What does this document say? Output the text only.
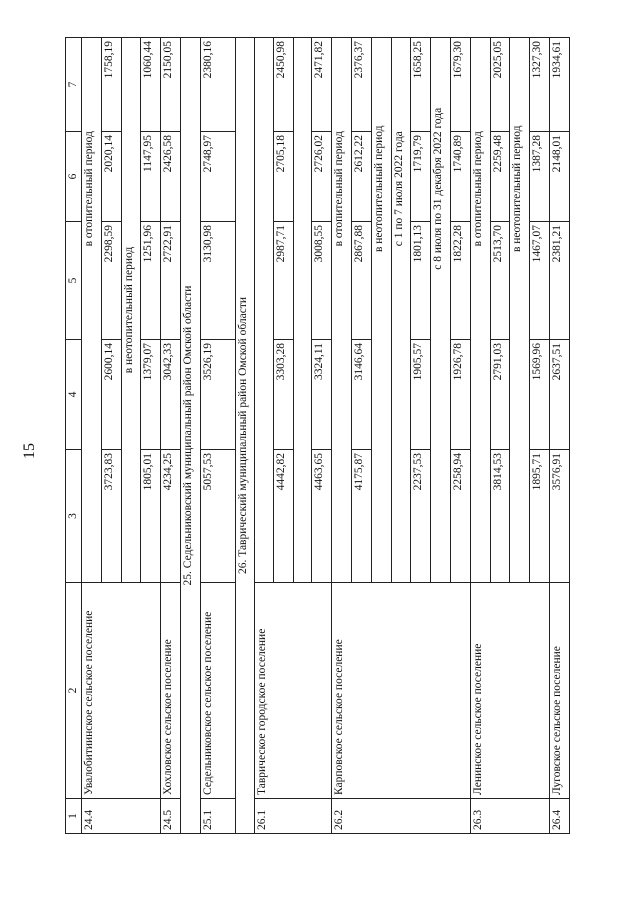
15
1	2	3	4	5	6	7
24.4	Увалобитиинское сельское поселение			в отопительный период		
		3723,83	2600,14	2298,59	2020,14	1758,19
		в неотопительный период				
		1805,01	1379,07	1251,96	1147,95	1060,44
24.5	Хохловское сельское поселение	4234,25	3042,33	2722,91	2426,58	2150,05
25. Седельниковский муниципальный район Омской области						
25.1	Седельниковское сельское поселение	5057,53	3526,19	3130,98	2748,97	2380,16
26. Таврический муниципальный район Омской области						
26.1	Таврическое городское поселение					
		4442,82	3303,28	2987,71	2705,18	2450,98

		4463,65	3324,11	3008,55	2726,02	2471,82
26.2	Карповское сельское поселение			в отопительный период		
		4175,87	3146,64	2867,88	2612,22	2376,37
				в неотопительный период		
				с 1 по 7 июля 2022 года		
		2237,53	1905,57	1801,13	1719,79	1658,25
				с 8 июля по 31 декабря 2022 года		
		2258,94	1926,78	1822,28	1740,89	1679,30
26.3	Ленинское сельское поселение			в отопительный период		
		3814,53	2791,03	2513,70	2259,48	2025,05
				в неотопительный период		
		1895,71	1569,96	1467,07	1387,28	1327,30
26.4	Луговское сельское поселение	3576,91	2637,51	2381,21	2148,01	1934,61
